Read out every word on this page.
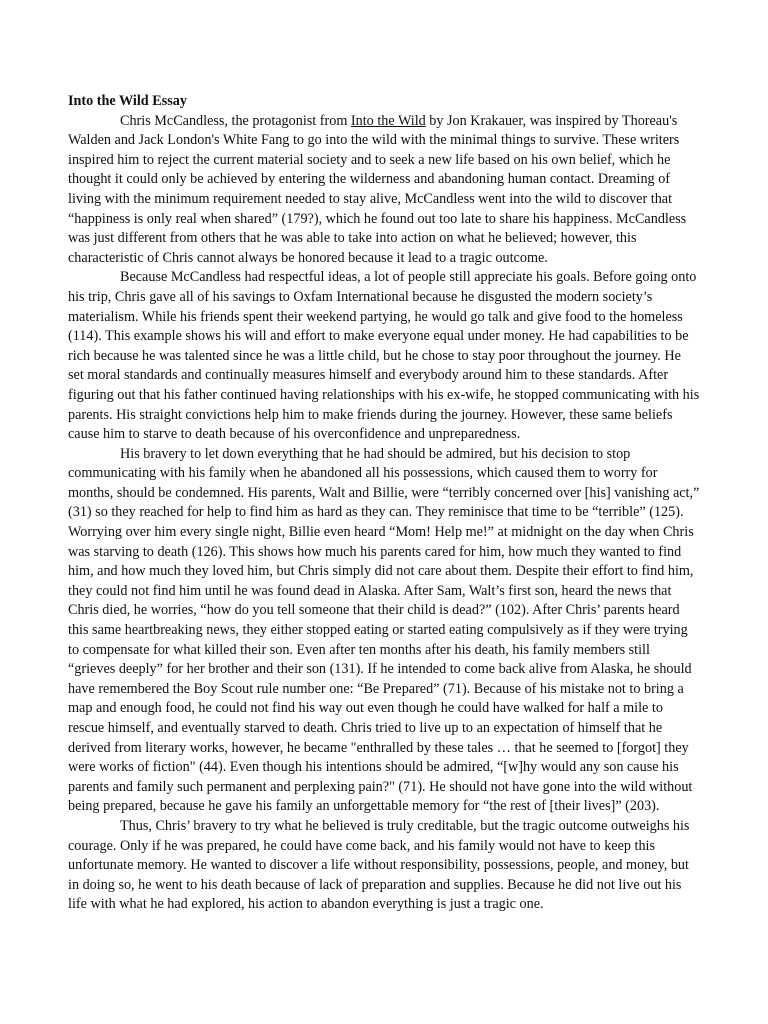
Into the Wild Essay

Chris McCandless, the protagonist from Into the Wild by Jon Krakauer, was inspired by Thoreau's Walden and Jack London's White Fang to go into the wild with the minimal things to survive. These writers inspired him to reject the current material society and to seek a new life based on his own belief, which he thought it could only be achieved by entering the wilderness and abandoning human contact. Dreaming of living with the minimum requirement needed to stay alive, McCandless went into the wild to discover that “happiness is only real when shared” (179?), which he found out too late to share his happiness. McCandless was just different from others that he was able to take into action on what he believed; however, this characteristic of Chris cannot always be honored because it lead to a tragic outcome.

Because McCandless had respectful ideas, a lot of people still appreciate his goals. Before going onto his trip, Chris gave all of his savings to Oxfam International because he disgusted the modern society’s materialism. While his friends spent their weekend partying, he would go talk and give food to the homeless (114). This example shows his will and effort to make everyone equal under money. He had capabilities to be rich because he was talented since he was a little child, but he chose to stay poor throughout the journey. He set moral standards and continually measures himself and everybody around him to these standards. After figuring out that his father continued having relationships with his ex-wife, he stopped communicating with his parents. His straight convictions help him to make friends during the journey. However, these same beliefs cause him to starve to death because of his overconfidence and unpreparedness.

His bravery to let down everything that he had should be admired, but his decision to stop communicating with his family when he abandoned all his possessions, which caused them to worry for months, should be condemned. His parents, Walt and Billie, were “terribly concerned over [his] vanishing act,” (31) so they reached for help to find him as hard as they can. They reminisce that time to be “terrible” (125). Worrying over him every single night, Billie even heard “Mom! Help me!” at midnight on the day when Chris was starving to death (126). This shows how much his parents cared for him, how much they wanted to find him, and how much they loved him, but Chris simply did not care about them. Despite their effort to find him, they could not find him until he was found dead in Alaska. After Sam, Walt’s first son, heard the news that Chris died, he worries, “how do you tell someone that their child is dead?” (102). After Chris’ parents heard this same heartbreaking news, they either stopped eating or started eating compulsively as if they were trying to compensate for what killed their son. Even after ten months after his death, his family members still “grieves deeply” for her brother and their son (131). If he intended to come back alive from Alaska, he should have remembered the Boy Scout rule number one: “Be Prepared” (71). Because of his mistake not to bring a map and enough food, he could not find his way out even though he could have walked for half a mile to rescue himself, and eventually starved to death. Chris tried to live up to an expectation of himself that he derived from literary works, however, he became "enthralled by these tales … that he seemed to [forgot] they were works of fiction" (44). Even though his intentions should be admired, “[w]hy would any son cause his parents and family such permanent and perplexing pain?" (71). He should not have gone into the wild without being prepared, because he gave his family an unforgettable memory for “the rest of [their lives]” (203).

Thus, Chris’ bravery to try what he believed is truly creditable, but the tragic outcome outweighs his courage. Only if he was prepared, he could have come back, and his family would not have to keep this unfortunate memory. He wanted to discover a life without responsibility, possessions, people, and money, but in doing so, he went to his death because of lack of preparation and supplies. Because he did not live out his life with what he had explored, his action to abandon everything is just a tragic one.
